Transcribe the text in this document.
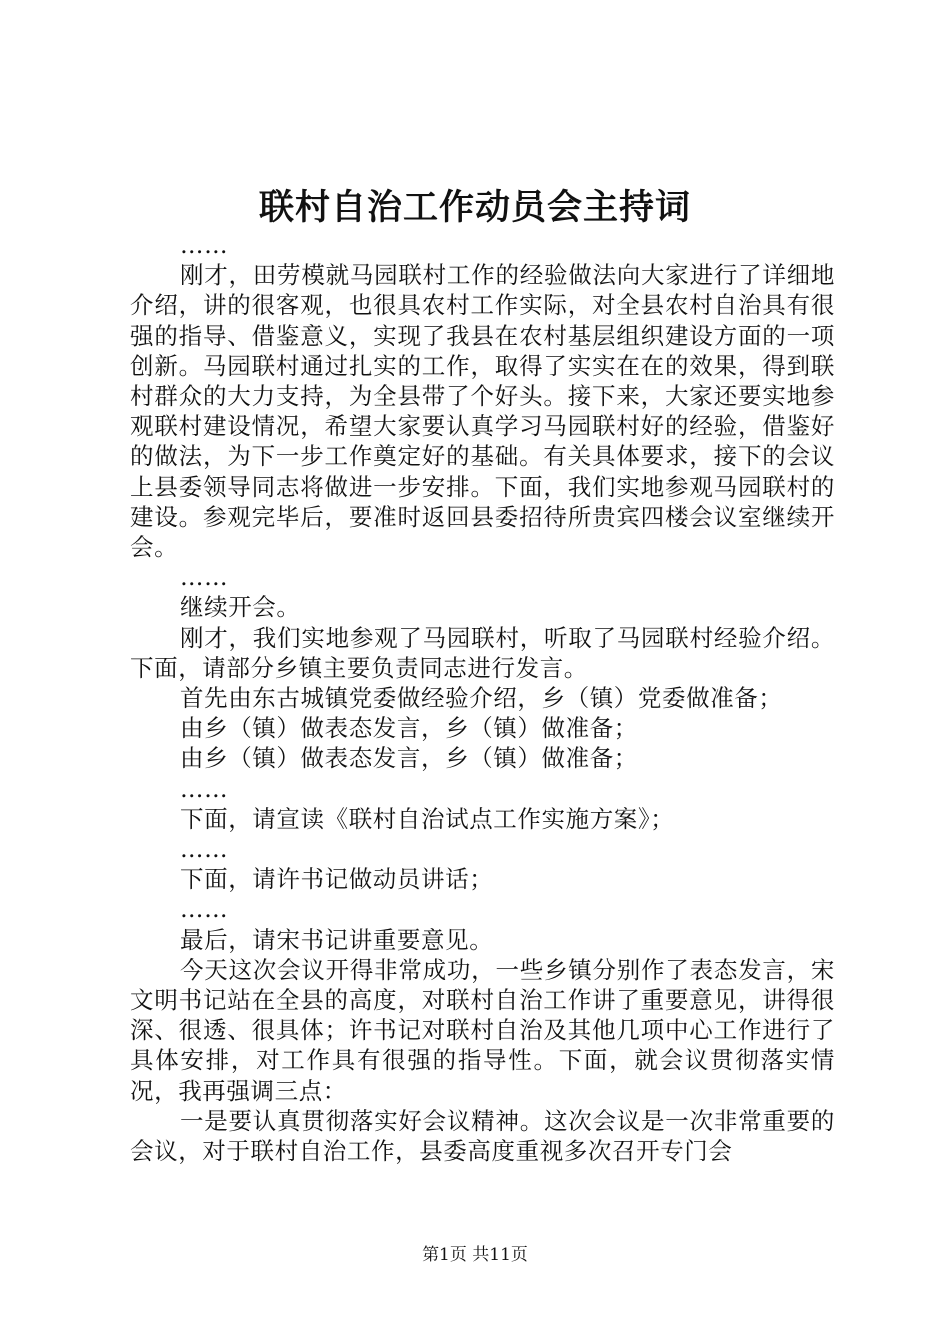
联村自治工作动员会主持词

……

刚才，田劳模就马园联村工作的经验做法向大家进行了详细地介绍，讲的很客观，也很具农村工作实际，对全县农村自治具有很强的指导、借鉴意义，实现了我县在农村基层组织建设方面的一项创新。马园联村通过扎实的工作，取得了实实在在的效果，得到联村群众的大力支持，为全县带了个好头。接下来，大家还要实地参观联村建设情况，希望大家要认真学习马园联村好的经验，借鉴好的做法，为下一步工作奠定好的基础。有关具体要求，接下的会议上县委领导同志将做进一步安排。下面，我们实地参观马园联村的建设。参观完毕后，要准时返回县委招待所贵宾四楼会议室继续开会。

……

继续开会。

刚才，我们实地参观了马园联村，听取了马园联村经验介绍。下面，请部分乡镇主要负责同志进行发言。

首先由东古城镇党委做经验介绍，乡（镇）党委做准备；

由乡（镇）做表态发言，乡（镇）做准备；

由乡（镇）做表态发言，乡（镇）做准备；

……

下面，请宣读《联村自治试点工作实施方案》；

……

下面，请许书记做动员讲话；

……

最后，请宋书记讲重要意见。

今天这次会议开得非常成功，一些乡镇分别作了表态发言，宋文明书记站在全县的高度，对联村自治工作讲了重要意见，讲得很深、很透、很具体；许书记对联村自治及其他几项中心工作进行了具体安排，对工作具有很强的指导性。下面，就会议贯彻落实情况，我再强调三点：

一是要认真贯彻落实好会议精神。这次会议是一次非常重要的会议，对于联村自治工作，县委高度重视多次召开专门会

第1页 共11页
